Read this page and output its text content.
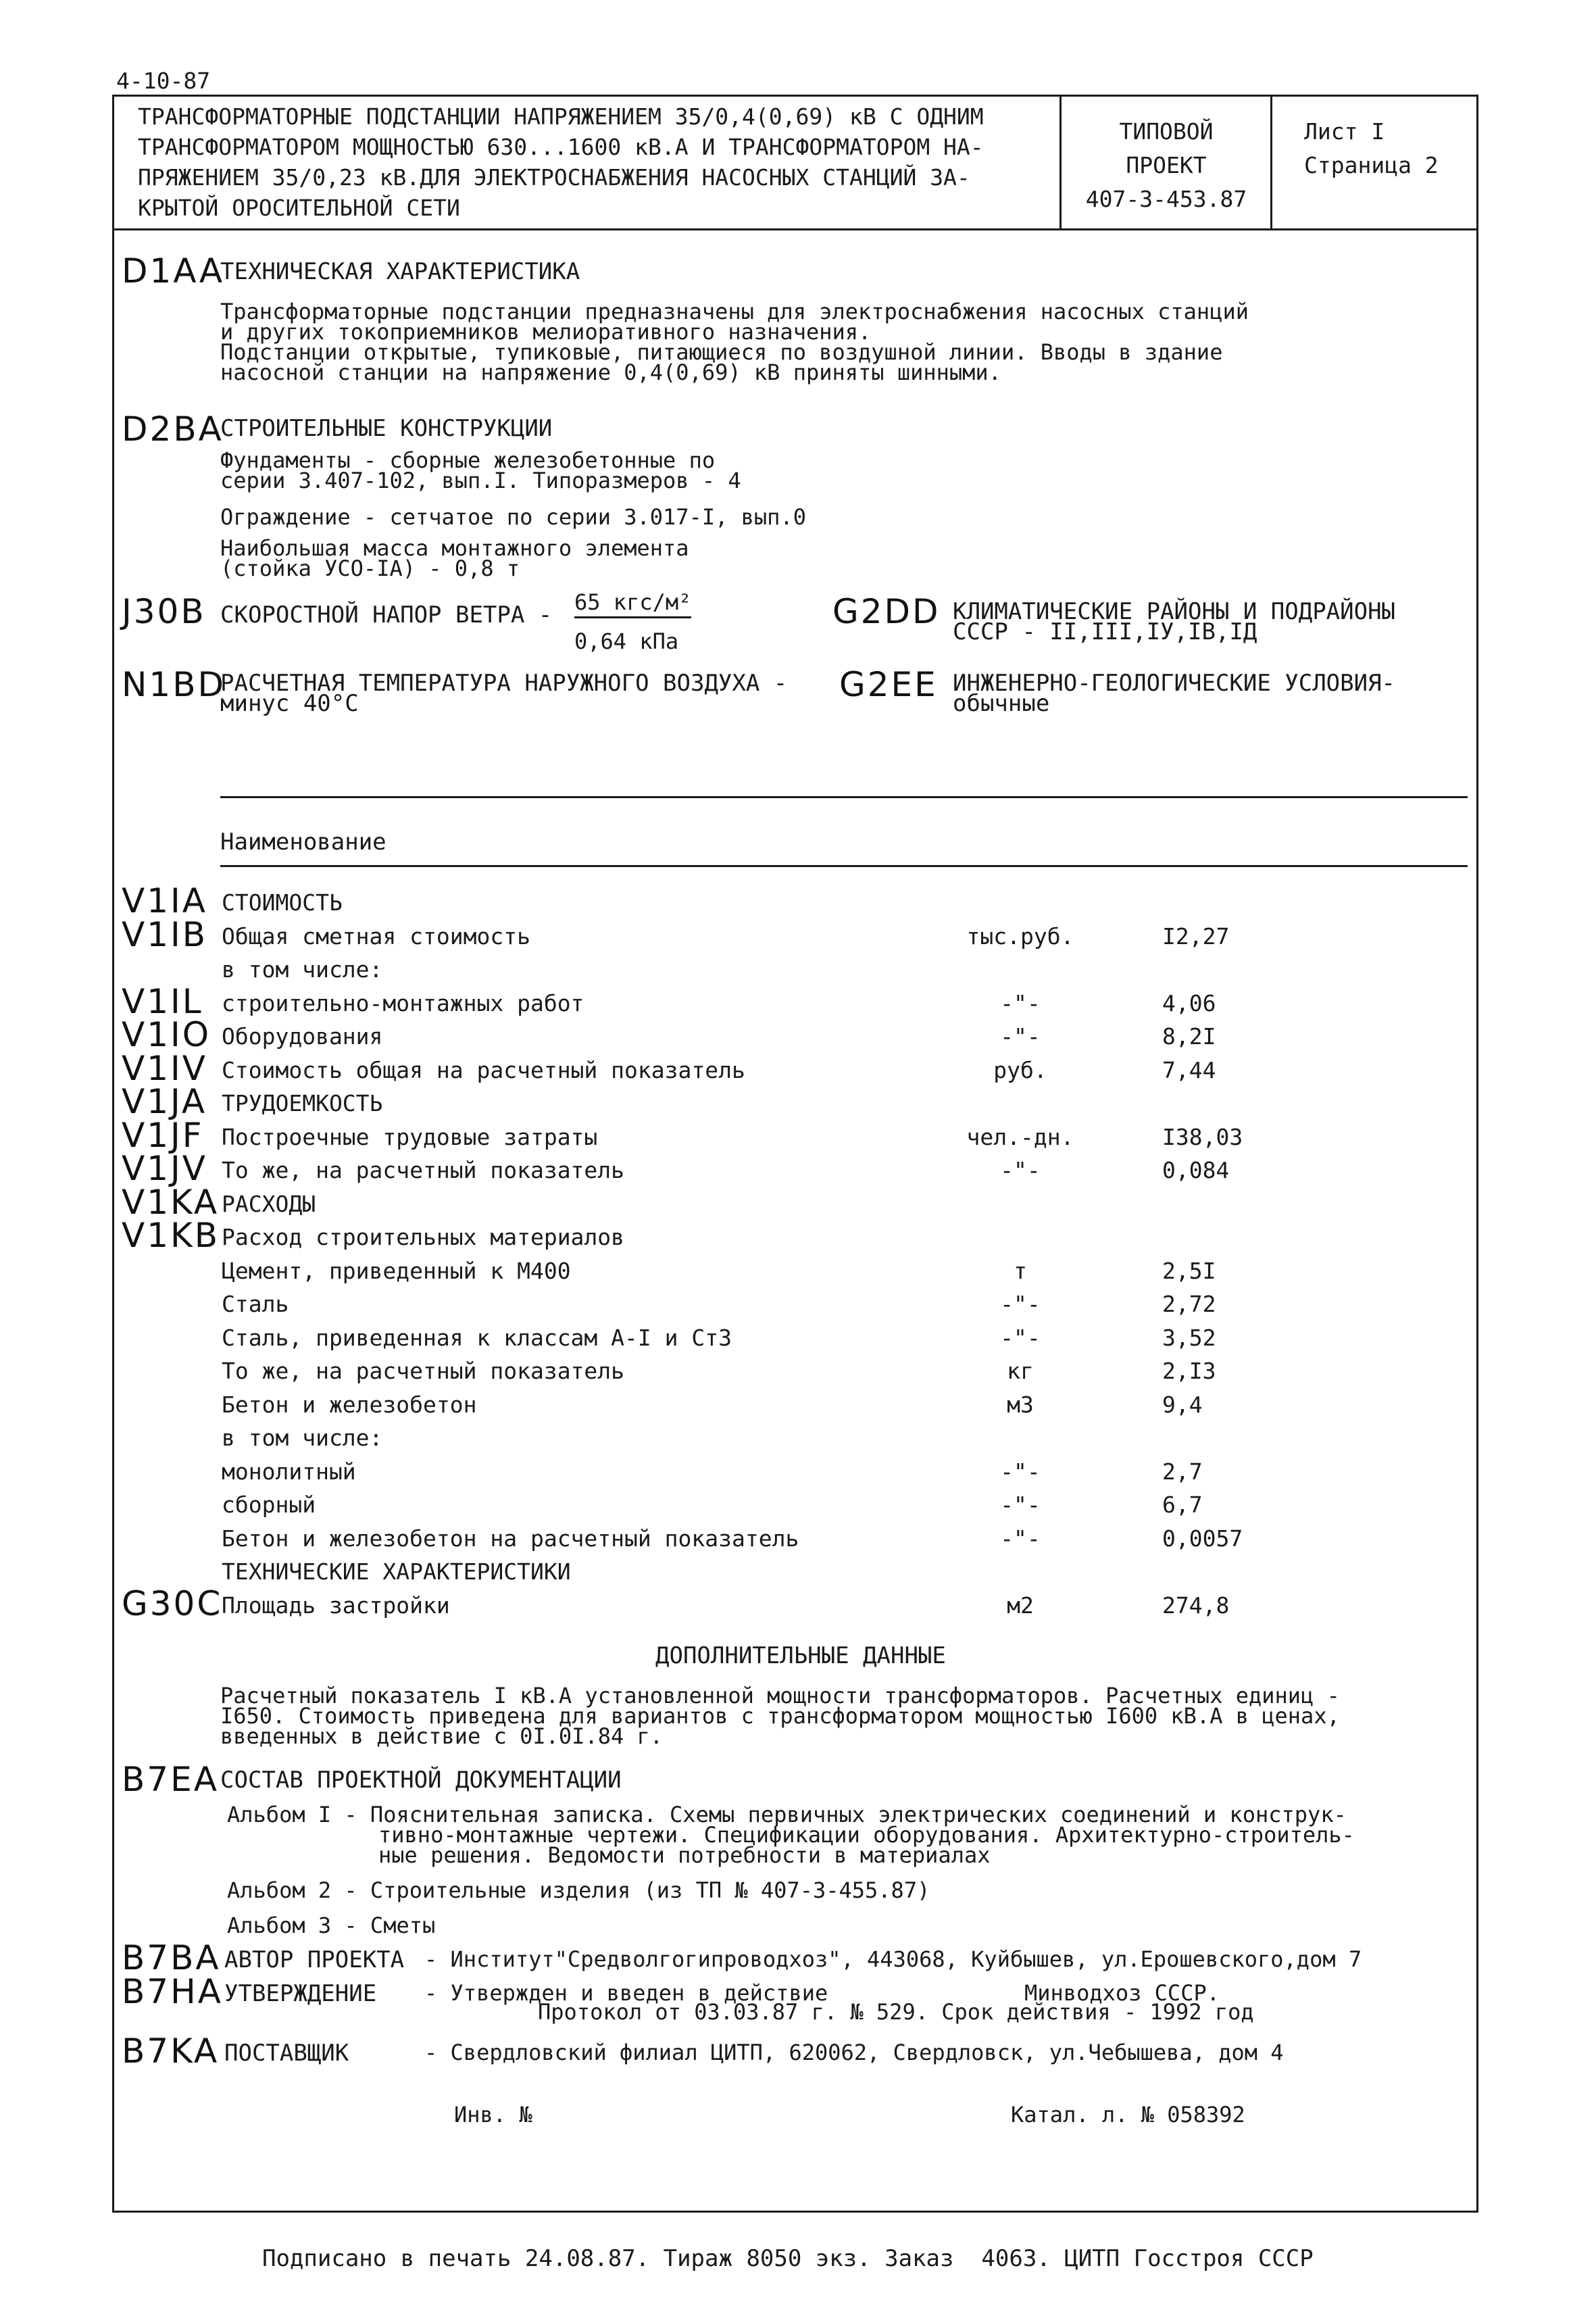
4-10-87
ТРАНСФОРМАТОРНЫЕ ПОДСТАНЦИИ НАПРЯЖЕНИЕМ 35/0,4(0,69) кВ С ОДНИМ
ТРАНСФОРМАТОРОМ МОЩНОСТЬЮ 630...1600 кВ.А И ТРАНСФОРМАТОРОМ НА-
ПРЯЖЕНИЕМ 35/0,23 кВ.ДЛЯ ЭЛЕКТРОСНАБЖЕНИЯ НАСОСНЫХ СТАНЦИЙ ЗА-
КРЫТОЙ ОРОСИТЕЛЬНОЙ СЕТИ
ТИПОВОЙ
ПРОЕКТ
407-3-453.87
Лист I
Страница 2
D1AA
ТЕХНИЧЕСКАЯ ХАРАКТЕРИСТИКА
Трансформаторные подстанции предназначены для электроснабжения насосных станций
и других токоприемников мелиоративного назначения.
Подстанции открытые, тупиковые, питающиеся по воздушной линии. Вводы в здание
насосной станции на напряжение 0,4(0,69) кВ приняты шинными.
D2BA
СТРОИТЕЛЬНЫЕ КОНСТРУКЦИИ
Фундаменты - сборные железобетонные по
серии 3.407-102, вып.I. Типоразмеров - 4
Ограждение - сетчатое по серии 3.017-I, вып.0
Наибольшая масса монтажного элемента
(стойка УСО-IA) - 0,8 т
J30B СКОРОСТНОЙ НАПОР ВЕТРА - 65 кгс/м²
0,64 кПа
G2DD КЛИМАТИЧЕСКИЕ РАЙОНЫ И ПОДРАЙОНЫ
СССР - II,III,IУ,IВ,IД
N1BD
РАСЧЕТНАЯ ТЕМПЕРАТУРА НАРУЖНОГО ВОЗДУХА -
минус 40°С	G2EE ИНЖЕНЕРНО-ГЕОЛОГИЧЕСКИЕ УСЛОВИЯ-
обычные
Наименование
V1IA СТОИМОСТЬ
V1IB Общая сметная стоимость	тыс.руб.	I2,27
в том числе:
V1IL строительно-монтажных работ	-"-	4,06
V1IO Оборудования	-"-	8,2I
V1IV Стоимость общая на расчетный показатель	руб.	7,44
V1JA ТРУДОЕМКОСТЬ
V1JF Построечные трудовые затраты	чел.-дн.	I38,03
V1JV То же, на расчетный показатель	-"-	0,084
V1KA РАСХОДЫ
V1KB Расход строительных материалов
Цемент, приведенный к М400	т	2,5I
Сталь	-"-	2,72
Сталь, приведенная к классам А-I и Ст3	-"-	3,52
То же, на расчетный показатель	кг	2,I3
Бетон и железобетон	м3	9,4
в том числе:
монолитный	-"-	2,7
сборный	-"-	6,7
Бетон и железобетон на расчетный показатель	-"-	0,0057
ТЕХНИЧЕСКИЕ ХАРАКТЕРИСТИКИ
G30C
Площадь застройки	м2	274,8
ДОПОЛНИТЕЛЬНЫЕ ДАННЫЕ
Расчетный показатель I кВ.А установленной мощности трансформаторов. Расчетных единиц -
I650. Стоимость приведена для вариантов с трансформатором мощностью I600 кВ.А в ценах,
введенных в действие с 0I.0I.84 г.
B7EA СОСТАВ ПРОЕКТНОЙ ДОКУМЕНТАЦИИ
Альбом I - Пояснительная записка. Схемы первичных электрических соединений и конструк-
тивно-монтажные чертежи. Спецификации оборудования. Архитектурно-строитель-
ные решения. Ведомости потребности в материалах
Альбом 2 - Строительные изделия (из ТП № 407-3-455.87)
Альбом 3 - Сметы
B7BA АВТОР ПРОЕКТА - Институт"Средволгогипроводхоз", 443068, Куйбышев, ул.Ерошевского,дом 7
B7HA УТВЕРЖДЕНИЕ - Утвержден и введен в действие	Минводхоз СССР.
Протокол от 03.03.87 г. № 529. Срок действия - 1992 год
B7KA ПОСТАВЩИК	- Свердловский филиал ЦИТП, 620062, Свердловск, ул.Чебышева, дом 4
Инв. №	Катал. л. № 058392
Подписано в печать 24.08.87. Тираж 8050 экз. Заказ  4063. ЦИТП Госстроя СССР
